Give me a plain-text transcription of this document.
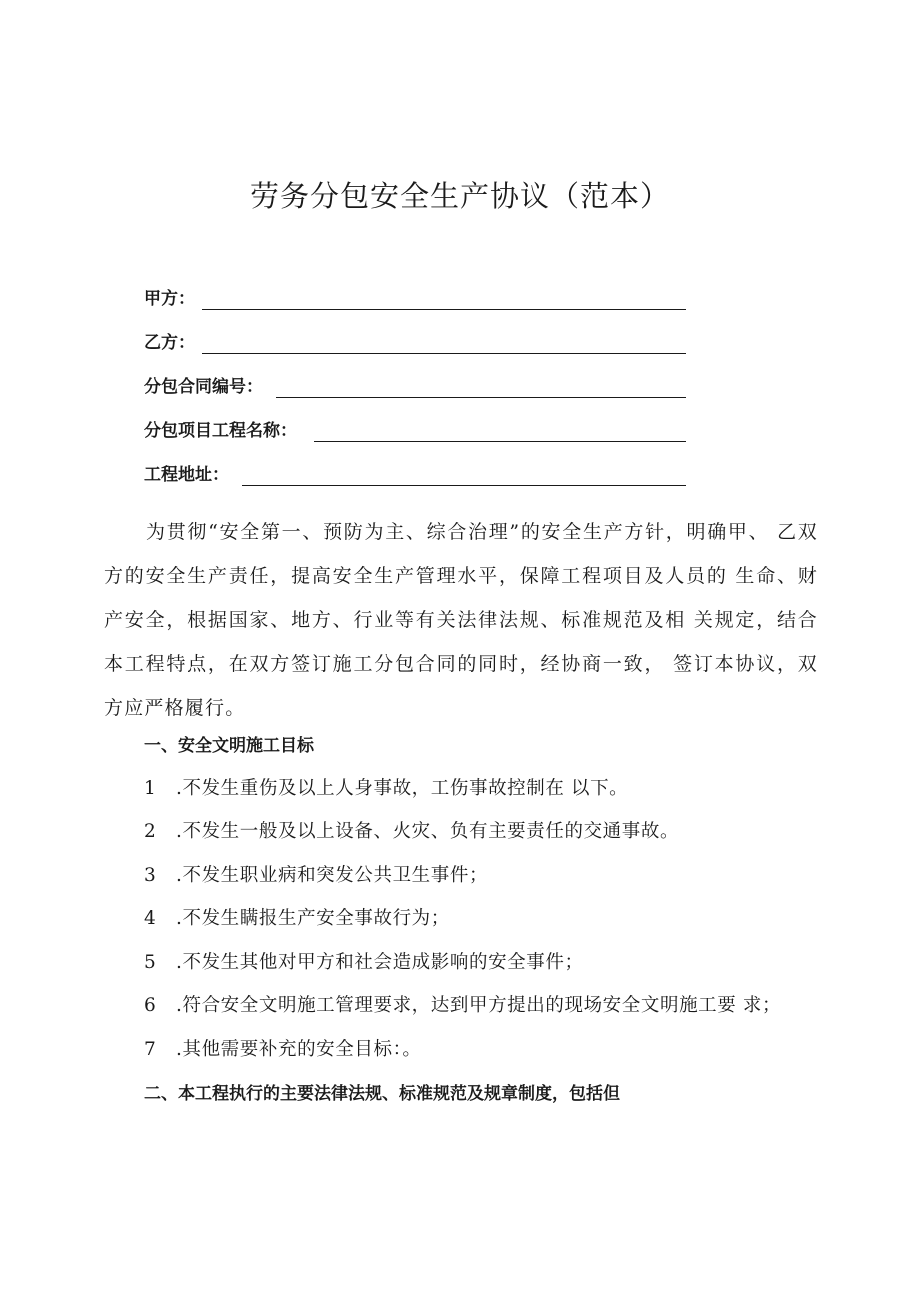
劳务分包安全生产协议（范本）
甲方：
乙方：
分包合同编号：
分包项目工程名称：
工程地址：
为贯彻“安全第一、预防为主、综合治理”的安全生产方针，明确甲、 乙双方的安全生产责任，提高安全生产管理水平，保障工程项目及人员的 生命、财产安全，根据国家、地方、行业等有关法律法规、标准规范及相 关规定，结合本工程特点，在双方签订施工分包合同的同时，经协商一致， 签订本协议，双方应严格履行。
一、安全文明施工目标
1 .不发生重伤及以上人身事故，工伤事故控制在 以下。
2 .不发生一般及以上设备、火灾、负有主要责任的交通事故。
3 .不发生职业病和突发公共卫生事件；
4 .不发生瞒报生产安全事故行为；
5 .不发生其他对甲方和社会造成影响的安全事件；
6 .符合安全文明施工管理要求，达到甲方提出的现场安全文明施工要 求；
7 .其他需要补充的安全目标：。
二、本工程执行的主要法律法规、标准规范及规章制度，包括但
